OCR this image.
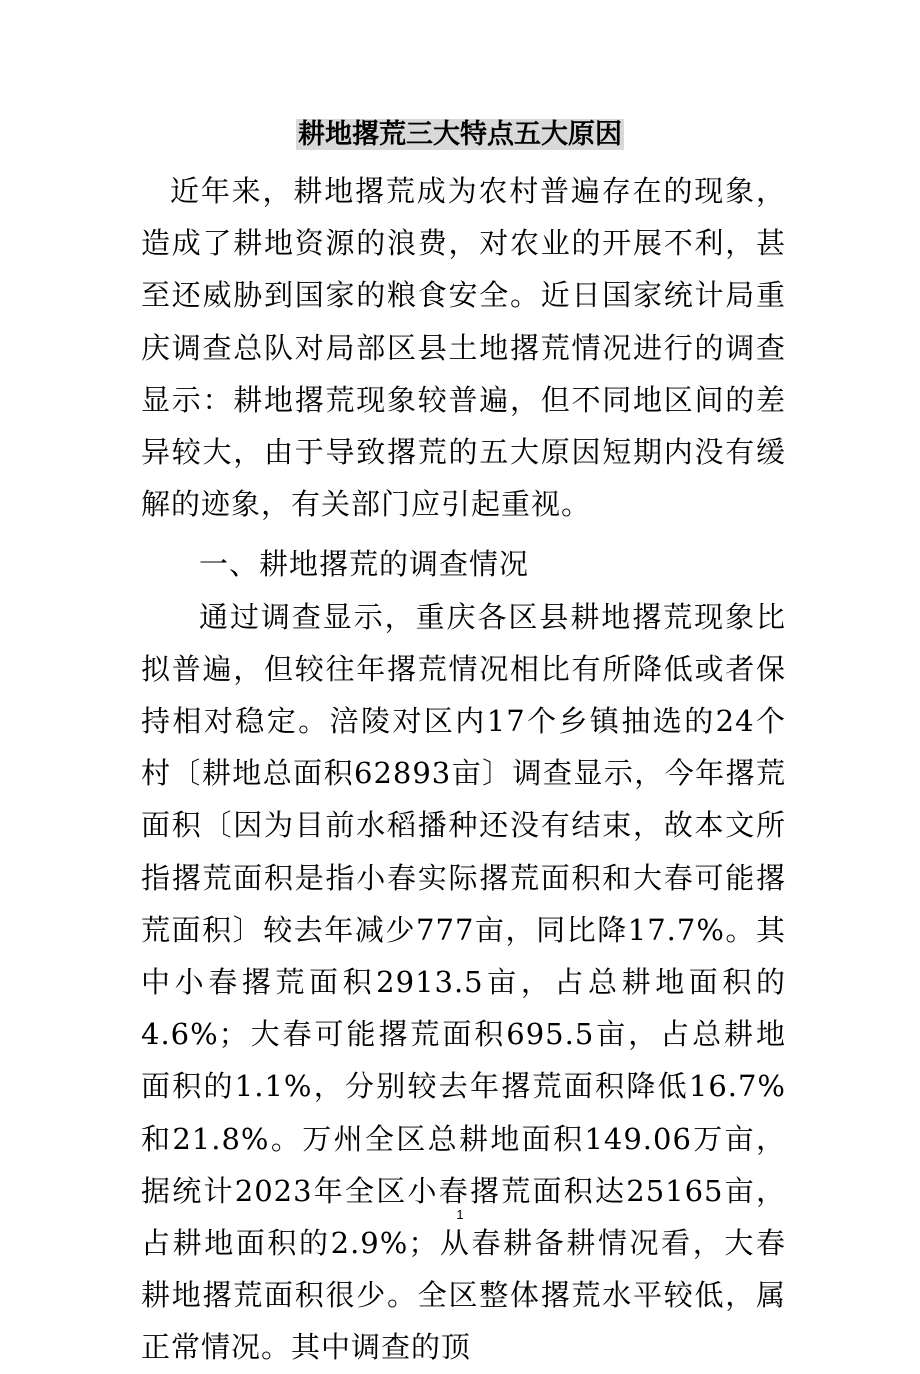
耕地撂荒三大特点五大原因

近年来，耕地撂荒成为农村普遍存在的现象，造成了耕地资源的浪费，对农业的开展不利，甚至还威胁到国家的粮食安全。近日国家统计局重庆调查总队对局部区县土地撂荒情况进行的调查显示：耕地撂荒现象较普遍，但不同地区间的差异较大，由于导致撂荒的五大原因短期内没有缓解的迹象，有关部门应引起重视。

一、耕地撂荒的调查情况

通过调查显示，重庆各区县耕地撂荒现象比拟普遍，但较往年撂荒情况相比有所降低或者保持相对稳定。涪陵对区内17个乡镇抽选的24个村〔耕地总面积62893亩〕调查显示，今年撂荒面积〔因为目前水稻播种还没有结束，故本文所指撂荒面积是指小春实际撂荒面积和大春可能撂荒面积〕较去年减少777亩，同比降17.7%。其中小春撂荒面积2913.5亩，占总耕地面积的4.6%；大春可能撂荒面积695.5亩，占总耕地面积的1.1%，分别较去年撂荒面积降低16.7%和21.8%。万州全区总耕地面积149.06万亩，据统计2023年全区小春撂荒面积达25165亩，占耕地面积的2.9%；从春耕备耕情况看，大春耕地撂荒面积很少。全区整体撂荒水平较低，属正常情况。其中调查的顶

1
